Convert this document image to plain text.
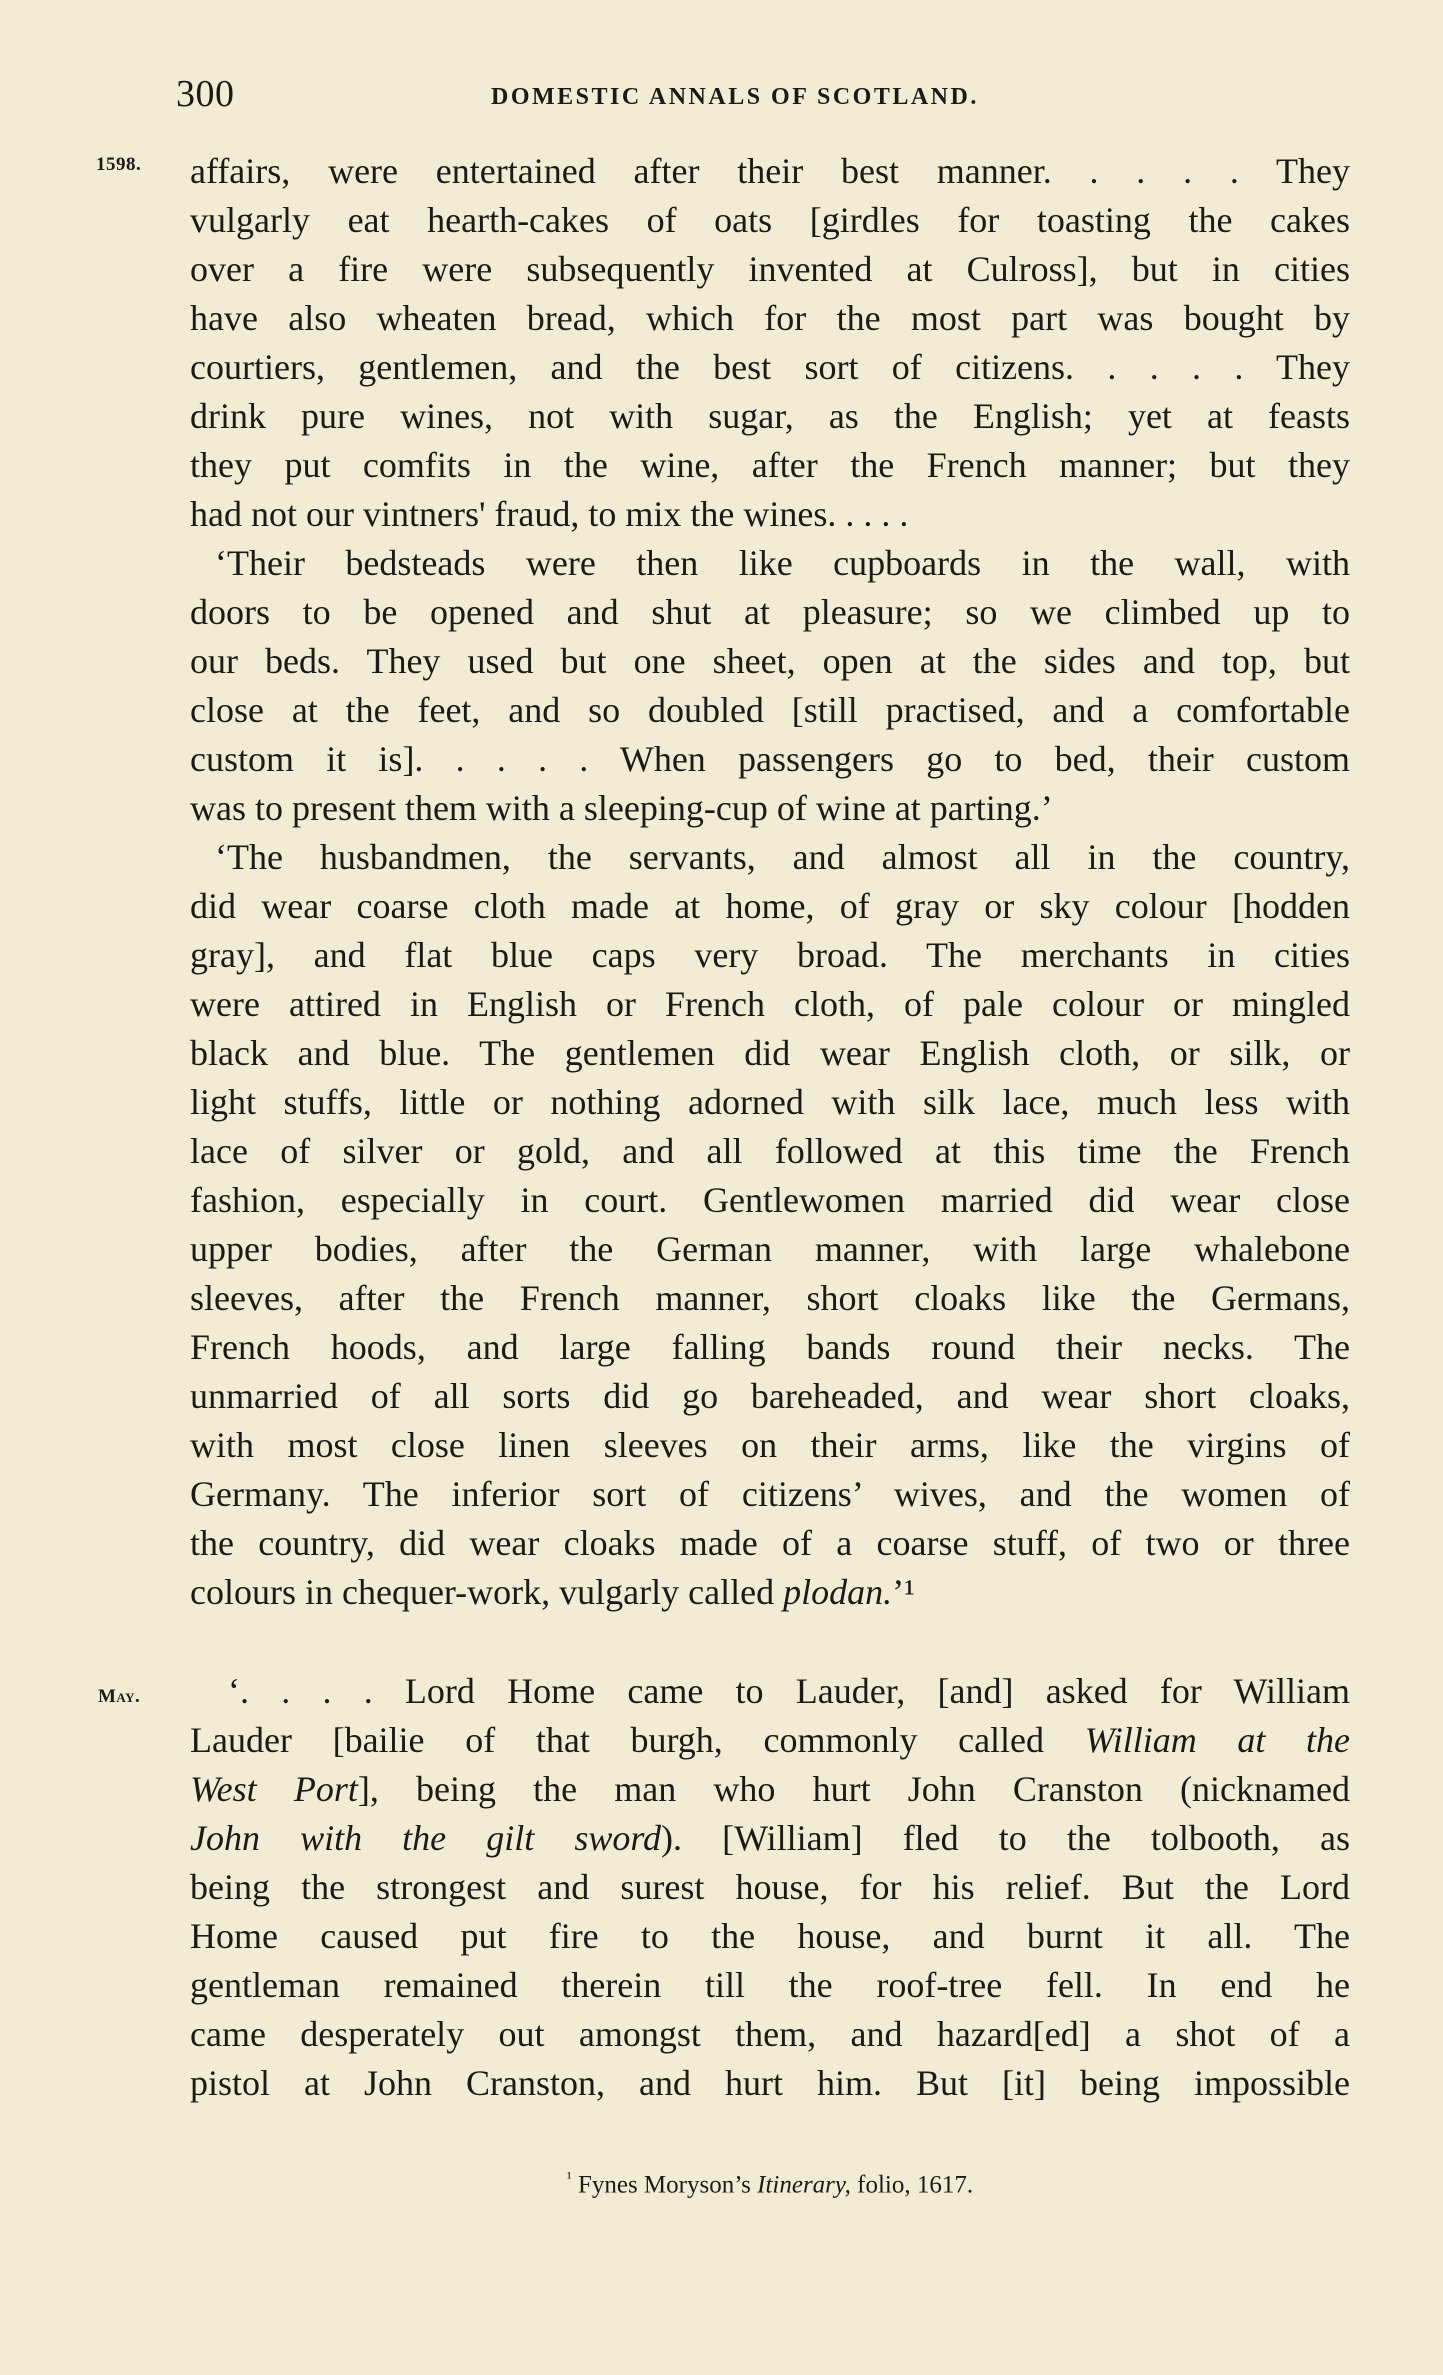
300	DOMESTIC ANNALS OF SCOTLAND.
1598.
May.
affairs, were entertained after their best manner. . . . . They
vulgarly eat hearth-cakes of oats [girdles for toasting the cakes
over a fire were subsequently invented at Culross], but in cities
have also wheaten bread, which for the most part was bought by
courtiers, gentlemen, and the best sort of citizens. . . . . They
drink pure wines, not with sugar, as the English; yet at feasts
they put comfits in the wine, after the French manner; but they
had not our vintners' fraud, to mix the wines. . . . .
‘Their bedsteads were then like cupboards in the wall, with
doors to be opened and shut at pleasure; so we climbed up to
our beds. They used but one sheet, open at the sides and top, but
close at the feet, and so doubled [still practised, and a comfortable
custom it is]. . . . . When passengers go to bed, their custom
was to present them with a sleeping-cup of wine at parting.’
‘The husbandmen, the servants, and almost all in the country,
did wear coarse cloth made at home, of gray or sky colour [hodden
gray], and flat blue caps very broad. The merchants in cities
were attired in English or French cloth, of pale colour or mingled
black and blue. The gentlemen did wear English cloth, or silk, or
light stuffs, little or nothing adorned with silk lace, much less with
lace of silver or gold, and all followed at this time the French
fashion, especially in court. Gentlewomen married did wear close
upper bodies, after the German manner, with large whalebone
sleeves, after the French manner, short cloaks like the Germans,
French hoods, and large falling bands round their necks. The
unmarried of all sorts did go bareheaded, and wear short cloaks,
with most close linen sleeves on their arms, like the virgins of
Germany. The inferior sort of citizens’ wives, and the women of
the country, did wear cloaks made of a coarse stuff, of two or three
colours in chequer-work, vulgarly called plodan.’¹
‘. . . . Lord Home came to Lauder, [and] asked for William
Lauder [bailie of that burgh, commonly called William at the
West Port], being the man who hurt John Cranston (nicknamed
John with the gilt sword). [William] fled to the tolbooth, as
being the strongest and surest house, for his relief. But the Lord
Home caused put fire to the house, and burnt it all. The
gentleman remained therein till the roof-tree fell. In end he
came desperately out amongst them, and hazard[ed] a shot of a
pistol at John Cranston, and hurt him. But [it] being impossible
$^{^1}$ Fynes Moryson’s Itinerary, folio, 1617.
